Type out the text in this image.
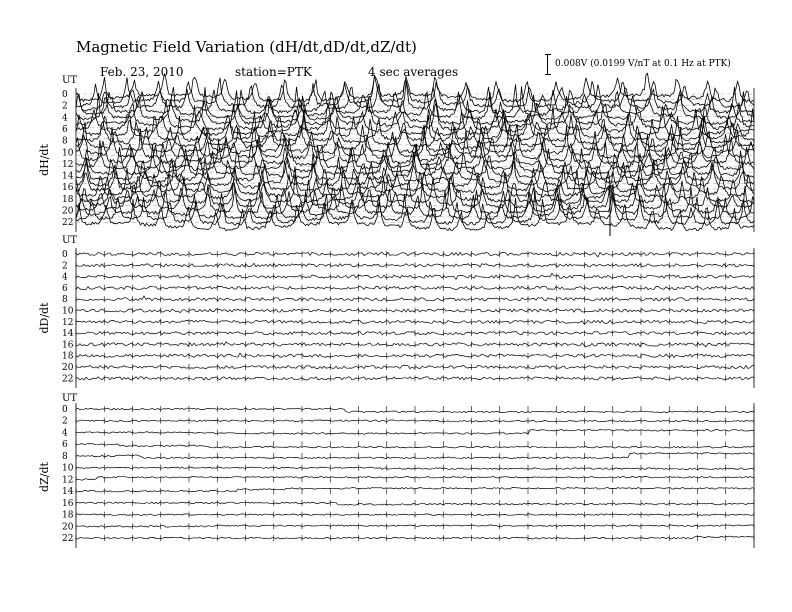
Magnetic Field Variation (dH/dt,dD/dt,dZ/dt)
Feb. 23, 2010	station=PTK	4 sec averages
0.008V (0.0199 V/nT at 0.1 Hz at PTK)
UT
dH/dt
0
2
4
6
8
10
12
14
16
18
20
22
UT
dD/dt
0
2
4
6
8
10
12
14
16
18
20
22
UT
dZ/dt
0
2
4
6
8
10
12
14
16
18
20
22
